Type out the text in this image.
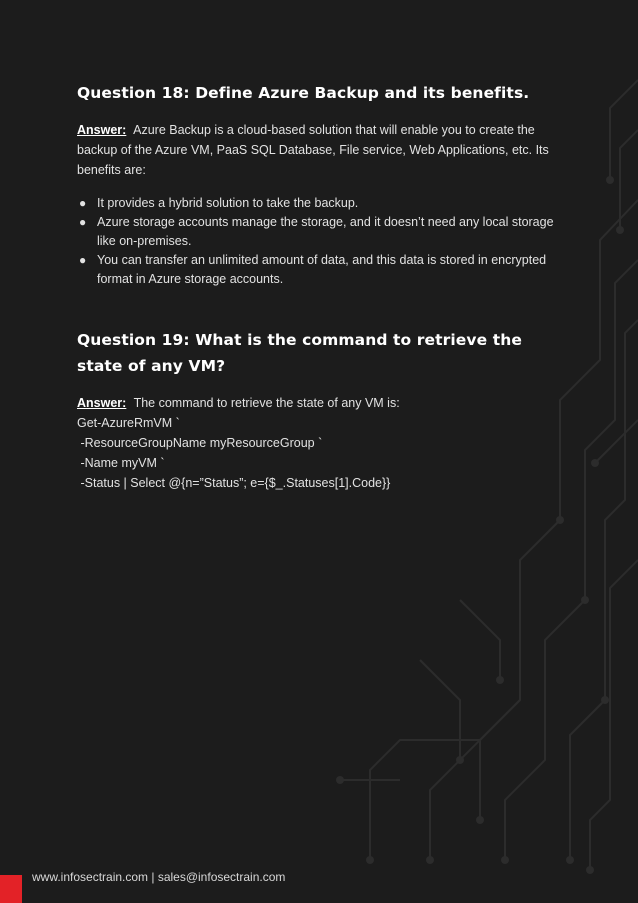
Question 18: Define Azure Backup and its benefits.

Answer: Azure Backup is a cloud-based solution that will enable you to create the backup of the Azure VM, PaaS SQL Database, File service, Web Applications, etc. Its benefits are:

● It provides a hybrid solution to take the backup.
● Azure storage accounts manage the storage, and it doesn’t need any local storage like on-premises.
● You can transfer an unlimited amount of data, and this data is stored in encrypted format in Azure storage accounts.
Question 19: What is the command to retrieve the state of any VM?

Answer: The command to retrieve the state of any VM is:

Get-AzureRmVM `
-ResourceGroupName myResourceGroup `
-Name myVM `
-Status | Select @{n=”Status”; e={$_.Statuses[1].Code}}
www.infosectrain.com | sales@infosectrain.com
